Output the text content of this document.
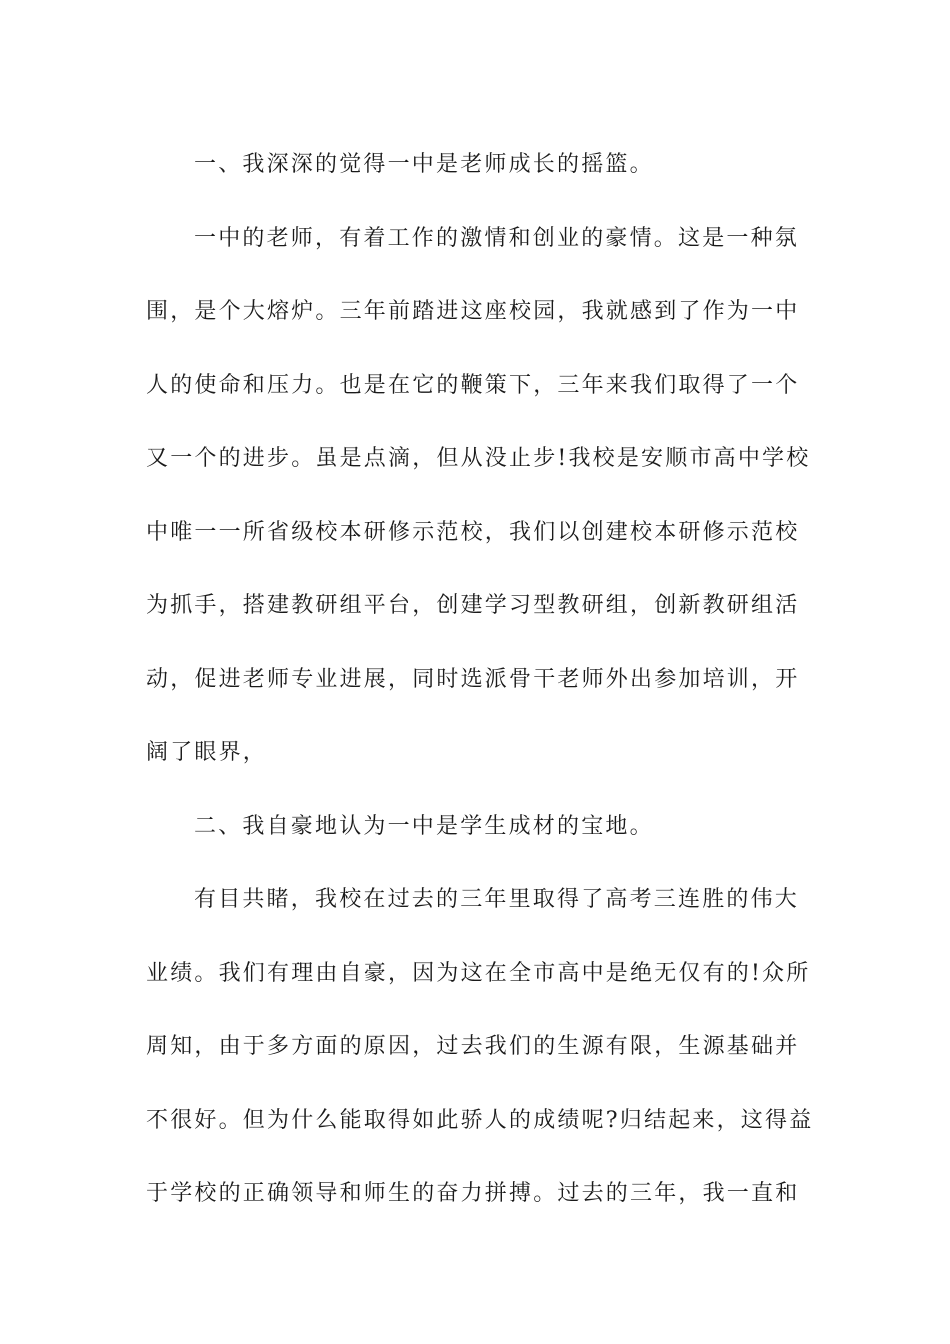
一、我深深的觉得一中是老师成长的摇篮。
一中的老师，有着工作的激情和创业的豪情。这是一种氛
围，是个大熔炉。三年前踏进这座校园，我就感到了作为一中
人的使命和压力。也是在它的鞭策下，三年来我们取得了一个
又一个的进步。虽是点滴，但从没止步!我校是安顺市高中学校
中唯一一所省级校本研修示范校，我们以创建校本研修示范校
为抓手，搭建教研组平台，创建学习型教研组，创新教研组活
动，促进老师专业进展，同时选派骨干老师外出参加培训，开
阔了眼界，
二、我自豪地认为一中是学生成材的宝地。
有目共睹，我校在过去的三年里取得了高考三连胜的伟大
业绩。我们有理由自豪，因为这在全市高中是绝无仅有的!众所
周知，由于多方面的原因，过去我们的生源有限，生源基础并
不很好。但为什么能取得如此骄人的成绩呢?归结起来，这得益
于学校的正确领导和师生的奋力拼搏。过去的三年，我一直和
